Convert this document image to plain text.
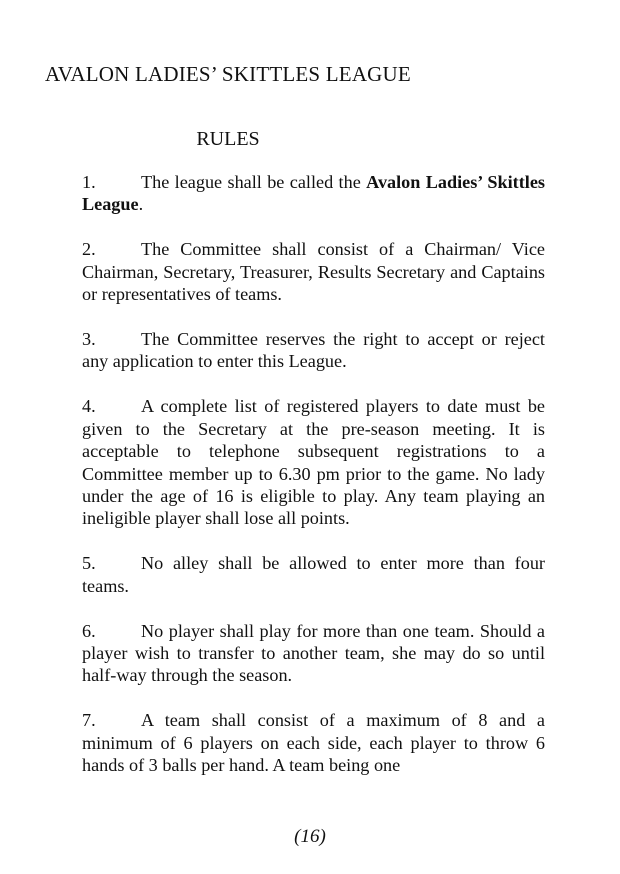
AVALON LADIES’ SKITTLES LEAGUE
RULES

1. The league shall be called the Avalon Ladies’ Skittles League.

2. The Committee shall consist of a Chairman/ Vice Chairman, Secretary, Treasurer, Results Secretary and Captains or representatives of teams.

3. The Committee reserves the right to accept or reject any application to enter this League.

4. A complete list of registered players to date must be given to the Secretary at the pre-season meeting. It is acceptable to telephone subsequent registrations to a Committee member up to 6.30 pm prior to the game. No lady under the age of 16 is eligible to play. Any team playing an ineligible player shall lose all points.

5. No alley shall be allowed to enter more than four teams.

6. No player shall play for more than one team. Should a player wish to transfer to another team, she may do so until half-way through the season.

7. A team shall consist of a maximum of 8 and a minimum of 6 players on each side, each player to throw 6 hands of 3 balls per hand. A team being one

(16)
